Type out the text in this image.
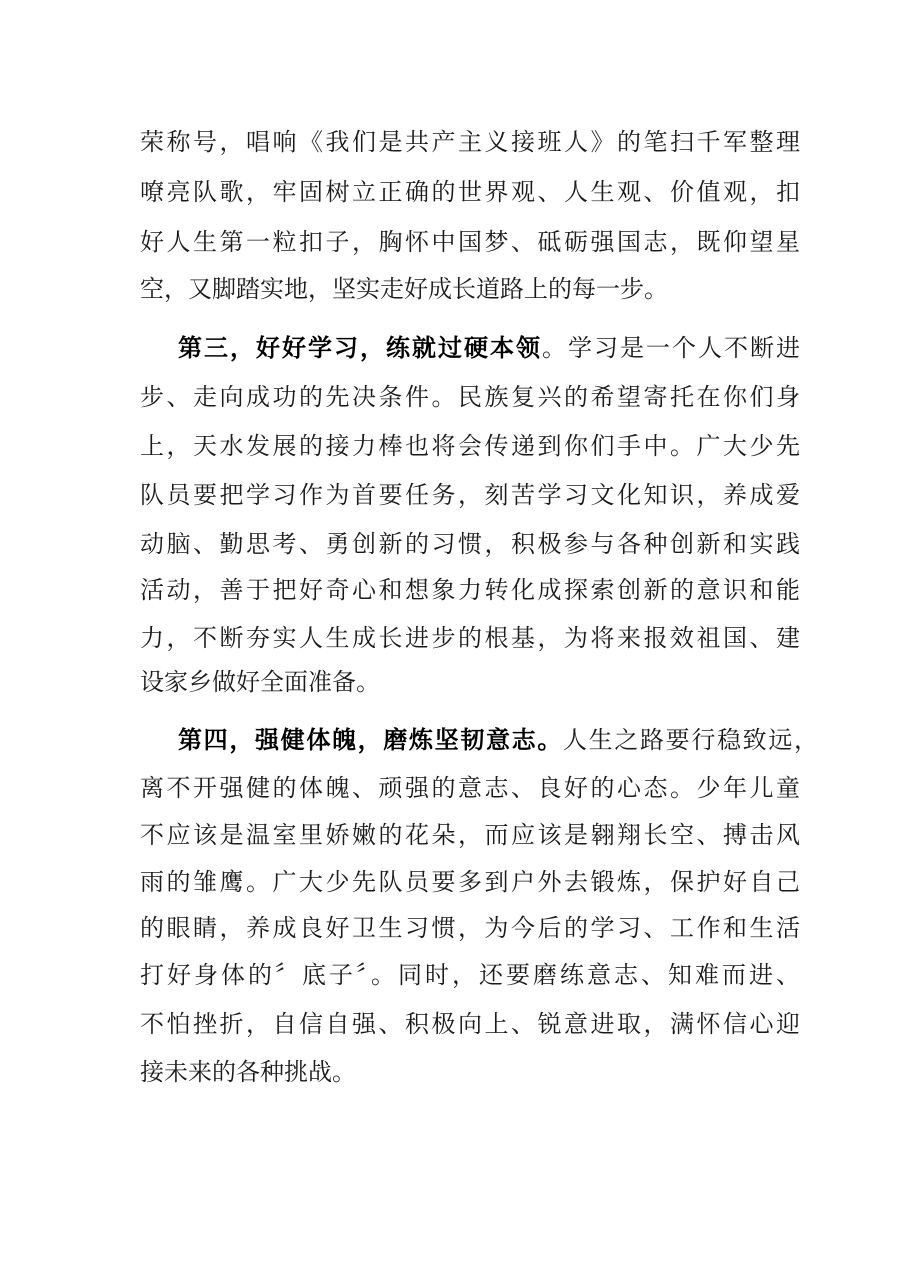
荣称号，唱响《我们是共产主义接班人》的笔扫千军整理
嘹亮队歌，牢固树立正确的世界观、人生观、价值观，扣
好人生第一粒扣子，胸怀中国梦、砥砺强国志，既仰望星
空，又脚踏实地，坚实走好成长道路上的每一步。
第三，好好学习，练就过硬本领。学习是一个人不断进
步、走向成功的先决条件。民族复兴的希望寄托在你们身
上，天水发展的接力棒也将会传递到你们手中。广大少先
队员要把学习作为首要任务，刻苦学习文化知识，养成爱
动脑、勤思考、勇创新的习惯，积极参与各种创新和实践
活动，善于把好奇心和想象力转化成探索创新的意识和能
力，不断夯实人生成长进步的根基，为将来报效祖国、建
设家乡做好全面准备。
第四，强健体魄，磨炼坚韧意志。人生之路要行稳致远，
离不开强健的体魄、顽强的意志、良好的心态。少年儿童
不应该是温室里娇嫩的花朵，而应该是翱翔长空、搏击风
雨的雏鹰。广大少先队员要多到户外去锻炼，保护好自己
的眼睛，养成良好卫生习惯，为今后的学习、工作和生活
打好身体的〞底子〞。同时，还要磨练意志、知难而进、
不怕挫折，自信自强、积极向上、锐意进取，满怀信心迎
接未来的各种挑战。
